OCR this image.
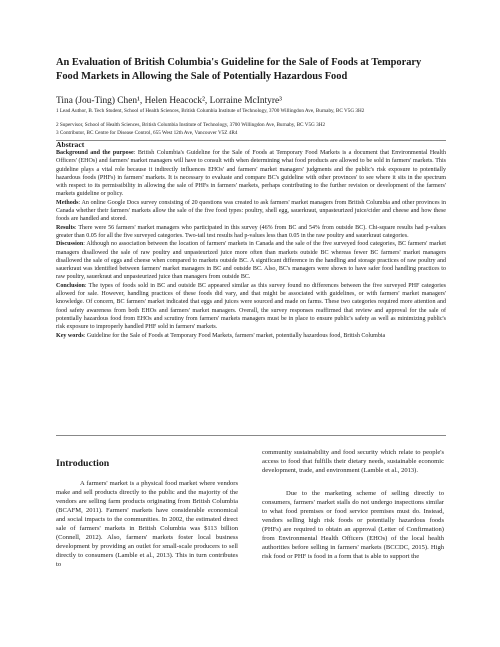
An Evaluation of British Columbia's Guideline for the Sale of Foods at Temporary Food Markets in Allowing the Sale of Potentially Hazardous Food
Tina (Jou-Ting) Chen¹, Helen Heacock², Lorraine McIntyre³
1 Lead Author, B. Tech Student, School of Health Sciences, British Columbia Institute of Technology, 3700 Willingdon Ave, Burnaby, BC V5G 3H2
2 Supervisor, School of Health Sciences, British Columbia Institute of Technology, 3700 Willingdon Ave, Burnaby, BC V5G 3H2
3 Contributor, BC Centre for Disease Control, 655 West 12th Ave, Vancouver V5Z 4R4
Abstract

Background and the purpose: British Columbia's Guideline for the Sale of Foods at Temporary Food Markets is a document that Environmental Health Officers' (EHOs) and farmers' market managers will have to consult with when determining what food products are allowed to be sold in farmers' markets. This guideline plays a vital role because it indirectly influences EHOs' and farmers' market managers' judgments and the public's risk exposure to potentially hazardous foods (PHFs) in farmers' markets. It is necessary to evaluate and compare BC's guideline with other provinces' to see where it sits in the spectrum with respect to its permissibility in allowing the sale of PHFs in farmers' markets, perhaps contributing to the further revision or development of the farmers' markets guideline or policy.

Methods: An online Google Docs survey consisting of 20 questions was created to ask farmers' market managers from British Columbia and other provinces in Canada whether their farmers' markets allow the sale of the five food types: poultry, shell egg, sauerkraut, unpasteurized juice/cider and cheese and how these foods are handled and stored.

Results: There were 56 farmers' market managers who participated in this survey (46% from BC and 54% from outside BC). Chi-square results had p-values greater than 0.05 for all the five surveyed categories. Two-tail test results had p-values less than 0.05 in the raw poultry and sauerkraut categories.

Discussion: Although no association between the location of farmers' markets in Canada and the sale of the five surveyed food categories, BC farmers' market managers disallowed the sale of raw poultry and unpasteurized juice more often than markets outside BC whereas fewer BC farmers' market managers disallowed the sale of eggs and cheese when compared to markets outside BC. A significant difference in the handling and storage practices of raw poultry and sauerkraut was identified between farmers' market managers in BC and outside BC. Also, BC's managers were shown to have safer food handling practices to raw poultry, sauerkraut and unpasteurized juice than managers from outside BC.

Conclusion: The types of foods sold in BC and outside BC appeared similar as this survey found no differences between the five surveyed PHF categories allowed for sale. However, handling practices of these foods did vary, and that might be associated with guidelines, or with farmers' market managers' knowledge. Of concern, BC farmers' market indicated that eggs and juices were sourced and made on farms. These two categories required more attention and food safety awareness from both EHOs and farmers' market managers. Overall, the survey responses reaffirmed that review and approval for the sale of potentially hazardous food from EHOs and scrutiny from farmers' markets managers must be in place to ensure public's safety as well as minimizing public's risk exposure to improperly handled PHF sold in farmers' markets.

Key words: Guideline for the Sale of Foods at Temporary Food Markets, farmers' market, potentially hazardous food, British Columbia

Introduction

A farmers' market is a physical food market where vendors make and sell products directly to the public and the majority of the vendors are selling farm products originating from British Columbia (BCAFM, 2011). Farmers' markets have considerable economical and social impacts to the communities. In 2002, the estimated direct sale of farmers' markets in British Columbia was $113 billion (Connell, 2012). Also, farmers' markets foster local business development by providing an outlet for small-scale producers to sell directly to consumers (Lamble et al., 2013). This in turn contributes to

community sustainability and food security which relate to people's access to food that fulfills their dietary needs, sustainable economic development, trade, and environment (Lamble et al., 2013).

Due to the marketing scheme of selling directly to consumers, farmers' market stalls do not undergo inspections similar to what food premises or food service premises must do. Instead, vendors selling high risk foods or potentially hazardous foods (PHFs) are required to obtain an approval (Letter of Confirmation) from Environmental Health Officers (EHOs) of the local health authorities before selling in farmers' markets (BCCDC, 2015). High risk food or PHF is food in a form that is able to support the
